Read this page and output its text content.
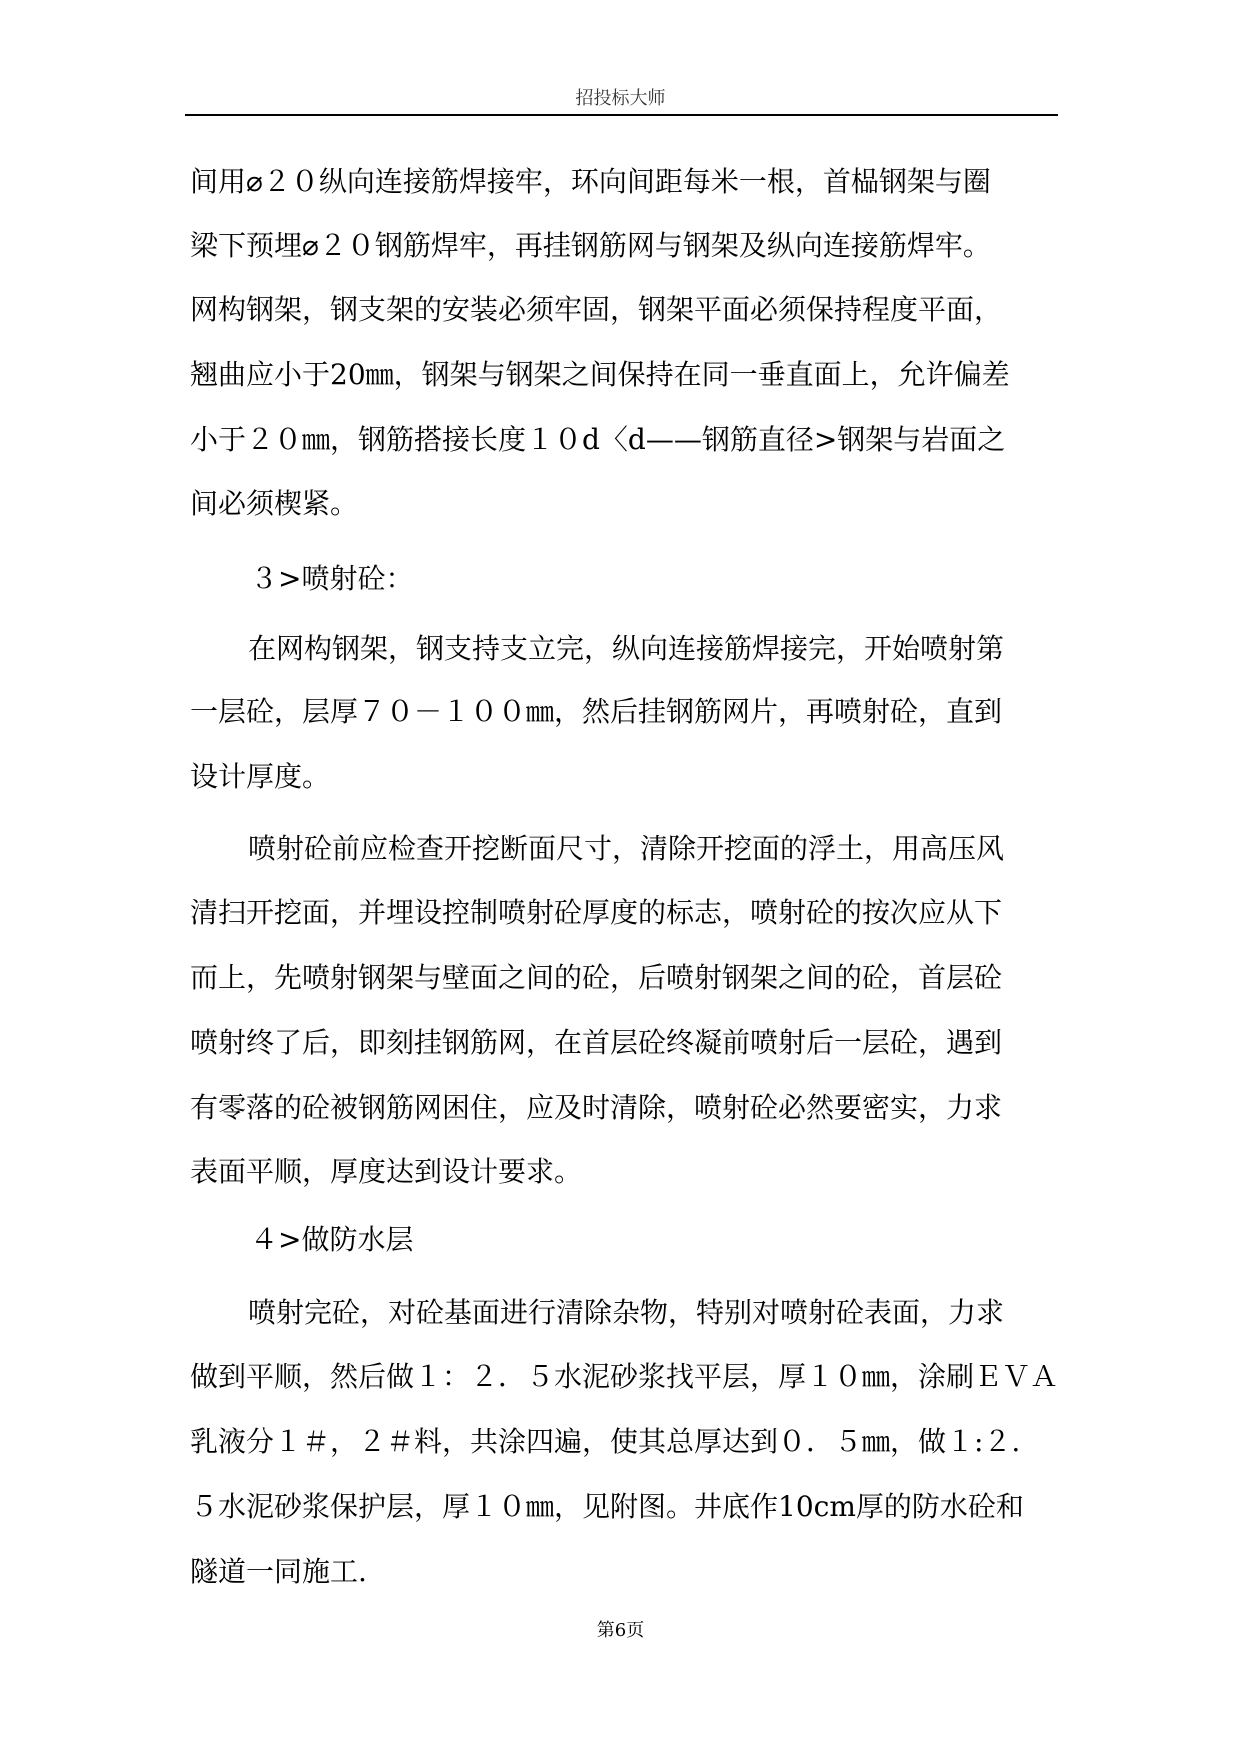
招投标大师
间用⌀２０纵向连接筋焊接牢，环向间距每米一根，首榀钢架与圈
梁下预埋⌀２０钢筋焊牢，再挂钢筋网与钢架及纵向连接筋焊牢。
网构钢架，钢支架的安装必须牢固，钢架平面必须保持程度平面，
翘曲应小于20㎜，钢架与钢架之间保持在同一垂直面上，允许偏差
小于２０㎜，钢筋搭接长度１０d〈d——钢筋直径>钢架与岩面之
间必须楔紧。
３>喷射砼：
在网构钢架，钢支持支立完，纵向连接筋焊接完，开始喷射第
一层砼，层厚７０－１００㎜，然后挂钢筋网片，再喷射砼，直到
设计厚度。
喷射砼前应检查开挖断面尺寸，清除开挖面的浮土，用高压风
清扫开挖面，并埋设控制喷射砼厚度的标志，喷射砼的按次应从下
而上，先喷射钢架与壁面之间的砼，后喷射钢架之间的砼，首层砼
喷射终了后，即刻挂钢筋网，在首层砼终凝前喷射后一层砼，遇到
有零落的砼被钢筋网困住，应及时清除，喷射砼必然要密实，力求
表面平顺，厚度达到设计要求。
４>做防水层
喷射完砼，对砼基面进行清除杂物，特别对喷射砼表面，力求
做到平顺，然后做１：２．５水泥砂浆找平层，厚１０㎜，涂刷ＥＶＡ
乳液分１＃，２＃料，共涂四遍，使其总厚达到０．５㎜，做１:２.
５水泥砂浆保护层，厚１０㎜，见附图。井底作10cm厚的防水砼和
隧道一同施工.
第6页
